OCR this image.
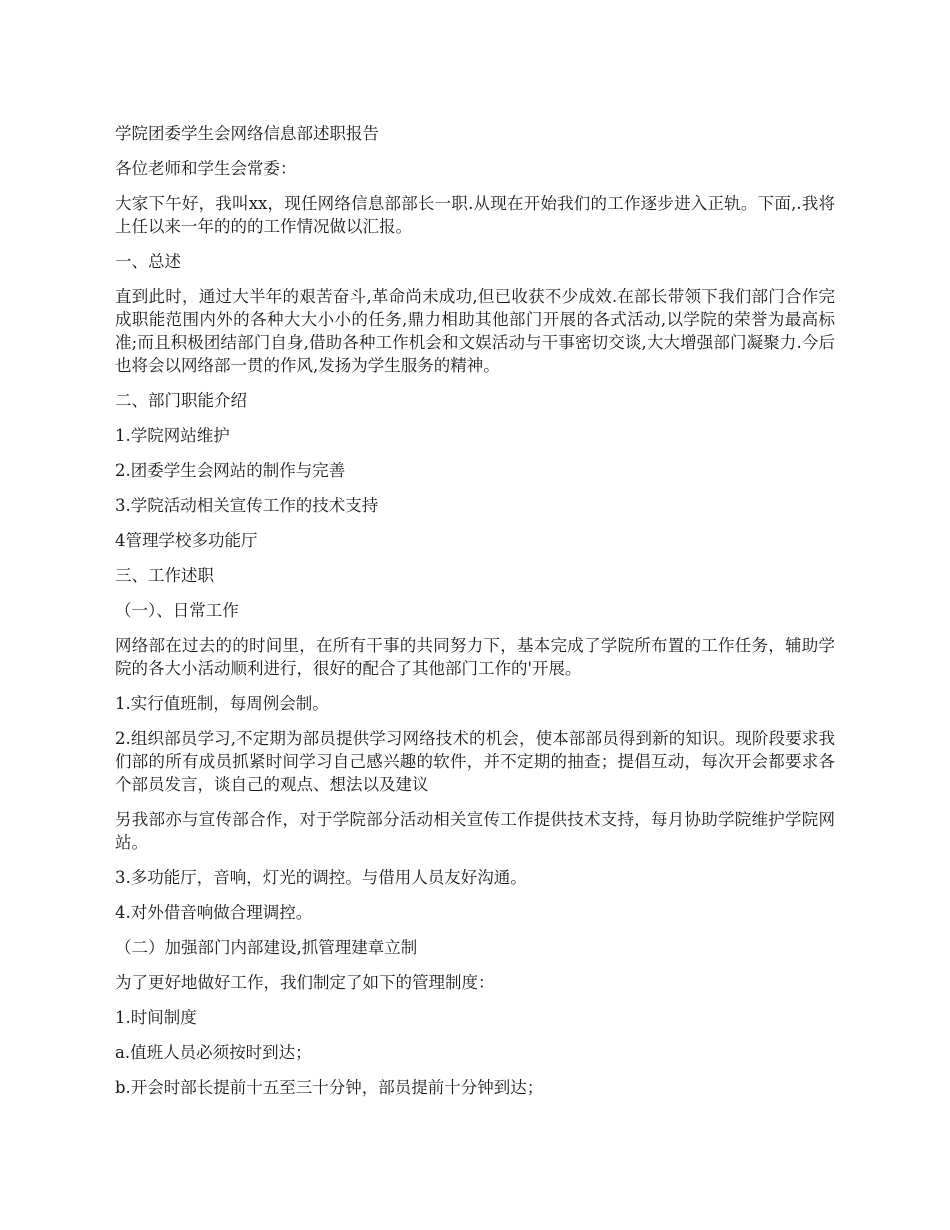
学院团委学生会网络信息部述职报告

各位老师和学生会常委：

大家下午好，我叫xx，现任网络信息部部长一职.从现在开始我们的工作逐步进入正轨。下面,.我将上任以来一年的的的工作情况做以汇报。

一、总述

直到此时，通过大半年的艰苦奋斗,革命尚未成功,但已收获不少成效.在部长带领下我们部门合作完成职能范围内外的各种大大小小的任务,鼎力相助其他部门开展的各式活动,以学院的荣誉为最高标准;而且积极团结部门自身,借助各种工作机会和文娱活动与干事密切交谈,大大增强部门凝聚力.今后也将会以网络部一贯的作风,发扬为学生服务的精神。

二、部门职能介绍

1.学院网站维护

2.团委学生会网站的制作与完善

3.学院活动相关宣传工作的技术支持

4管理学校多功能厅

三、工作述职

（一）、日常工作

网络部在过去的的时间里，在所有干事的共同努力下，基本完成了学院所布置的工作任务，辅助学院的各大小活动顺利进行，很好的配合了其他部门工作的'开展。

1.实行值班制，每周例会制。

2.组织部员学习,不定期为部员提供学习网络技术的机会，使本部部员得到新的知识。现阶段要求我们部的所有成员抓紧时间学习自己感兴趣的软件，并不定期的抽查；提倡互动，每次开会都要求各个部员发言，谈自己的观点、想法以及建议

另我部亦与宣传部合作，对于学院部分活动相关宣传工作提供技术支持，每月协助学院维护学院网站。

3.多功能厅，音响，灯光的调控。与借用人员友好沟通。

4.对外借音响做合理调控。

（二）加强部门内部建设,抓管理建章立制

为了更好地做好工作，我们制定了如下的管理制度：

1.时间制度

a.值班人员必须按时到达；

b.开会时部长提前十五至三十分钟，部员提前十分钟到达；
